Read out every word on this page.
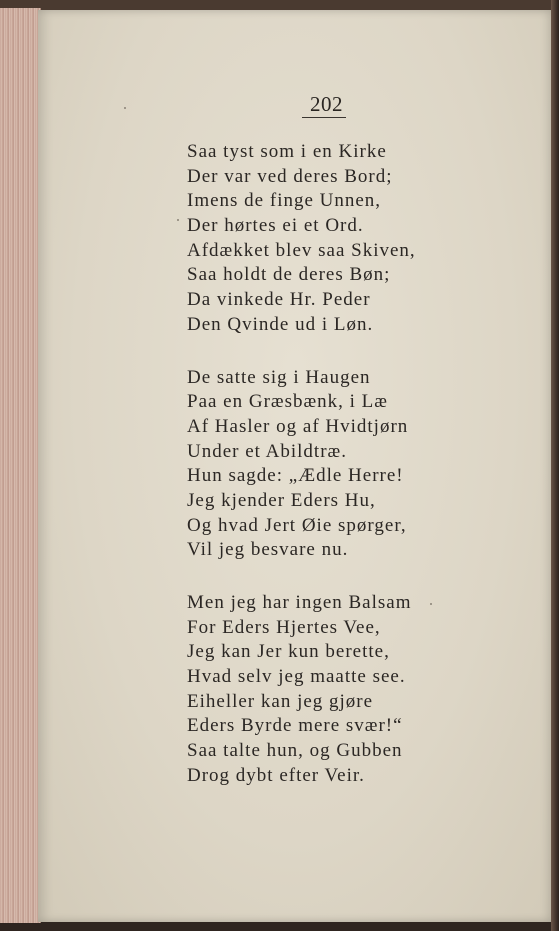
202
Saa tyst som i en Kirke
Der var ved deres Bord;
Imens de finge Unnen,
Der hørtes ei et Ord.
Afdækket blev saa Skiven,
Saa holdt de deres Bøn;
Da vinkede Hr. Peder
Den Qvinde ud i Løn.
De satte sig i Haugen
Paa en Græsbænk, i Læ
Af Hasler og af Hvidtjørn
Under et Abildtræ.
Hun sagde: „Ædle Herre!
Jeg kjender Eders Hu,
Og hvad Jert Øie spørger,
Vil jeg besvare nu.
Men jeg har ingen Balsam
For Eders Hjertes Vee,
Jeg kan Jer kun berette,
Hvad selv jeg maatte see.
Eiheller kan jeg gjøre
Eders Byrde mere svær!“
Saa talte hun, og Gubben
Drog dybt efter Veir.
